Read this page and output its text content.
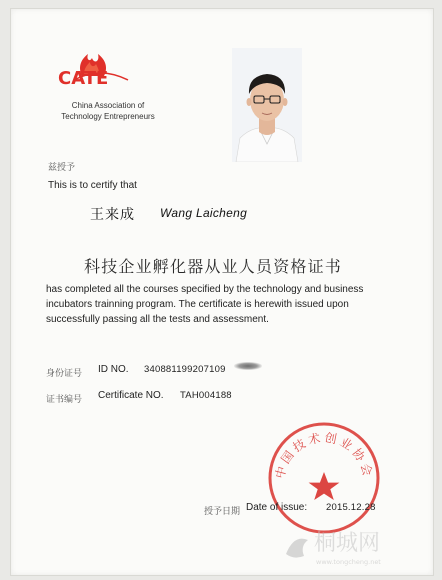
CATE
China Association of
Technology Entrepreneurs
兹授予
This is to certify that
王来成 Wang Laicheng
科技企业孵化器从业人员资格证书
has completed all the courses specified by the technology and business
incubators trainning program. The certificate is herewith issued upon
successfully passing all the tests and assessment.
身份证号 ID NO. 340881199207109
证书编号 Certificate NO. TAH004188
中国技术创业协会
授予日期 Date of issue: 2015.12.28
桐城网
www.tongcheng.net
